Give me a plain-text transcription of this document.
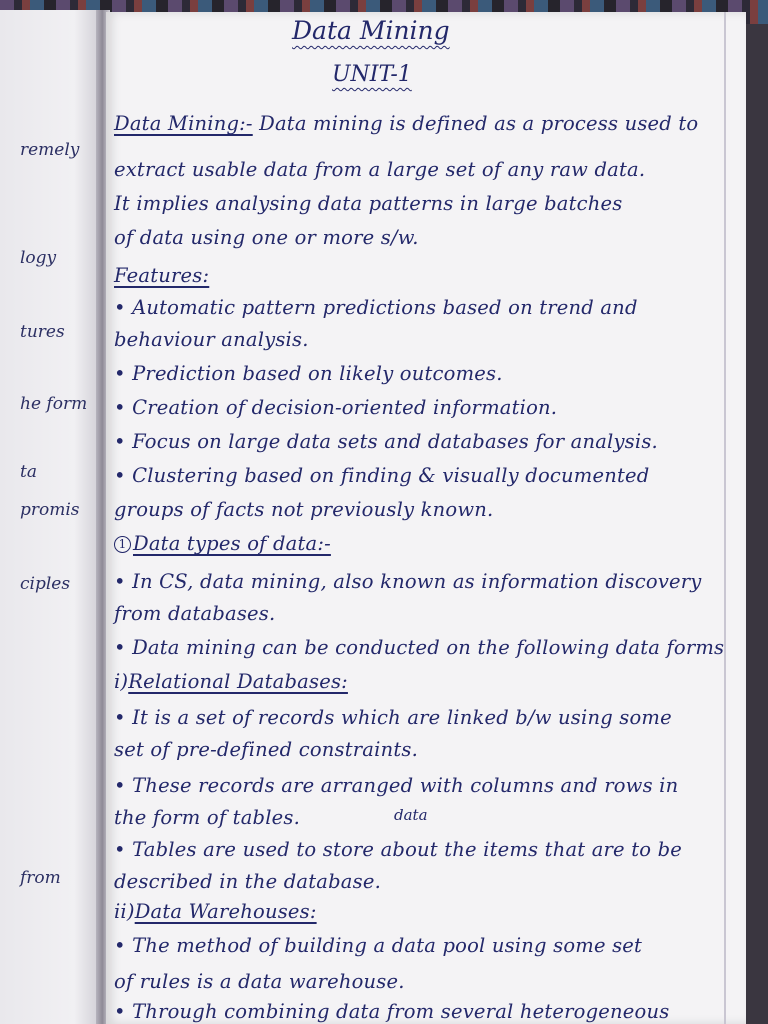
remely
logy
tures
he form
ta
promis
ciples
from
Data Mining
UNIT-1
Data Mining:- Data mining is defined as a process used to
extract usable data from a large set of any raw data.
It implies analysing data patterns in large batches
of data using one or more s/w.
Features:
• Automatic pattern predictions based on trend and
behaviour analysis.
• Prediction based on likely outcomes.
• Creation of decision-oriented information.
• Focus on large data sets and databases for analysis.
• Clustering based on finding & visually documented
groups of facts not previously known.
1 Data types of data:-
• In CS, data mining, also known as information discovery
from databases.
• Data mining can be conducted on the following data forms
i)Relational Databases:
• It is a set of records which are linked b/w using some
set of pre-defined constraints.
• These records are arranged with columns and rows in
the form of tables.
• Tables are used to store about the items that are to be
described in the database.
ii)Data Warehouses:
• The method of building a data pool using some set
of rules is a data warehouse.
• Through combining data from several heterogeneous
data
